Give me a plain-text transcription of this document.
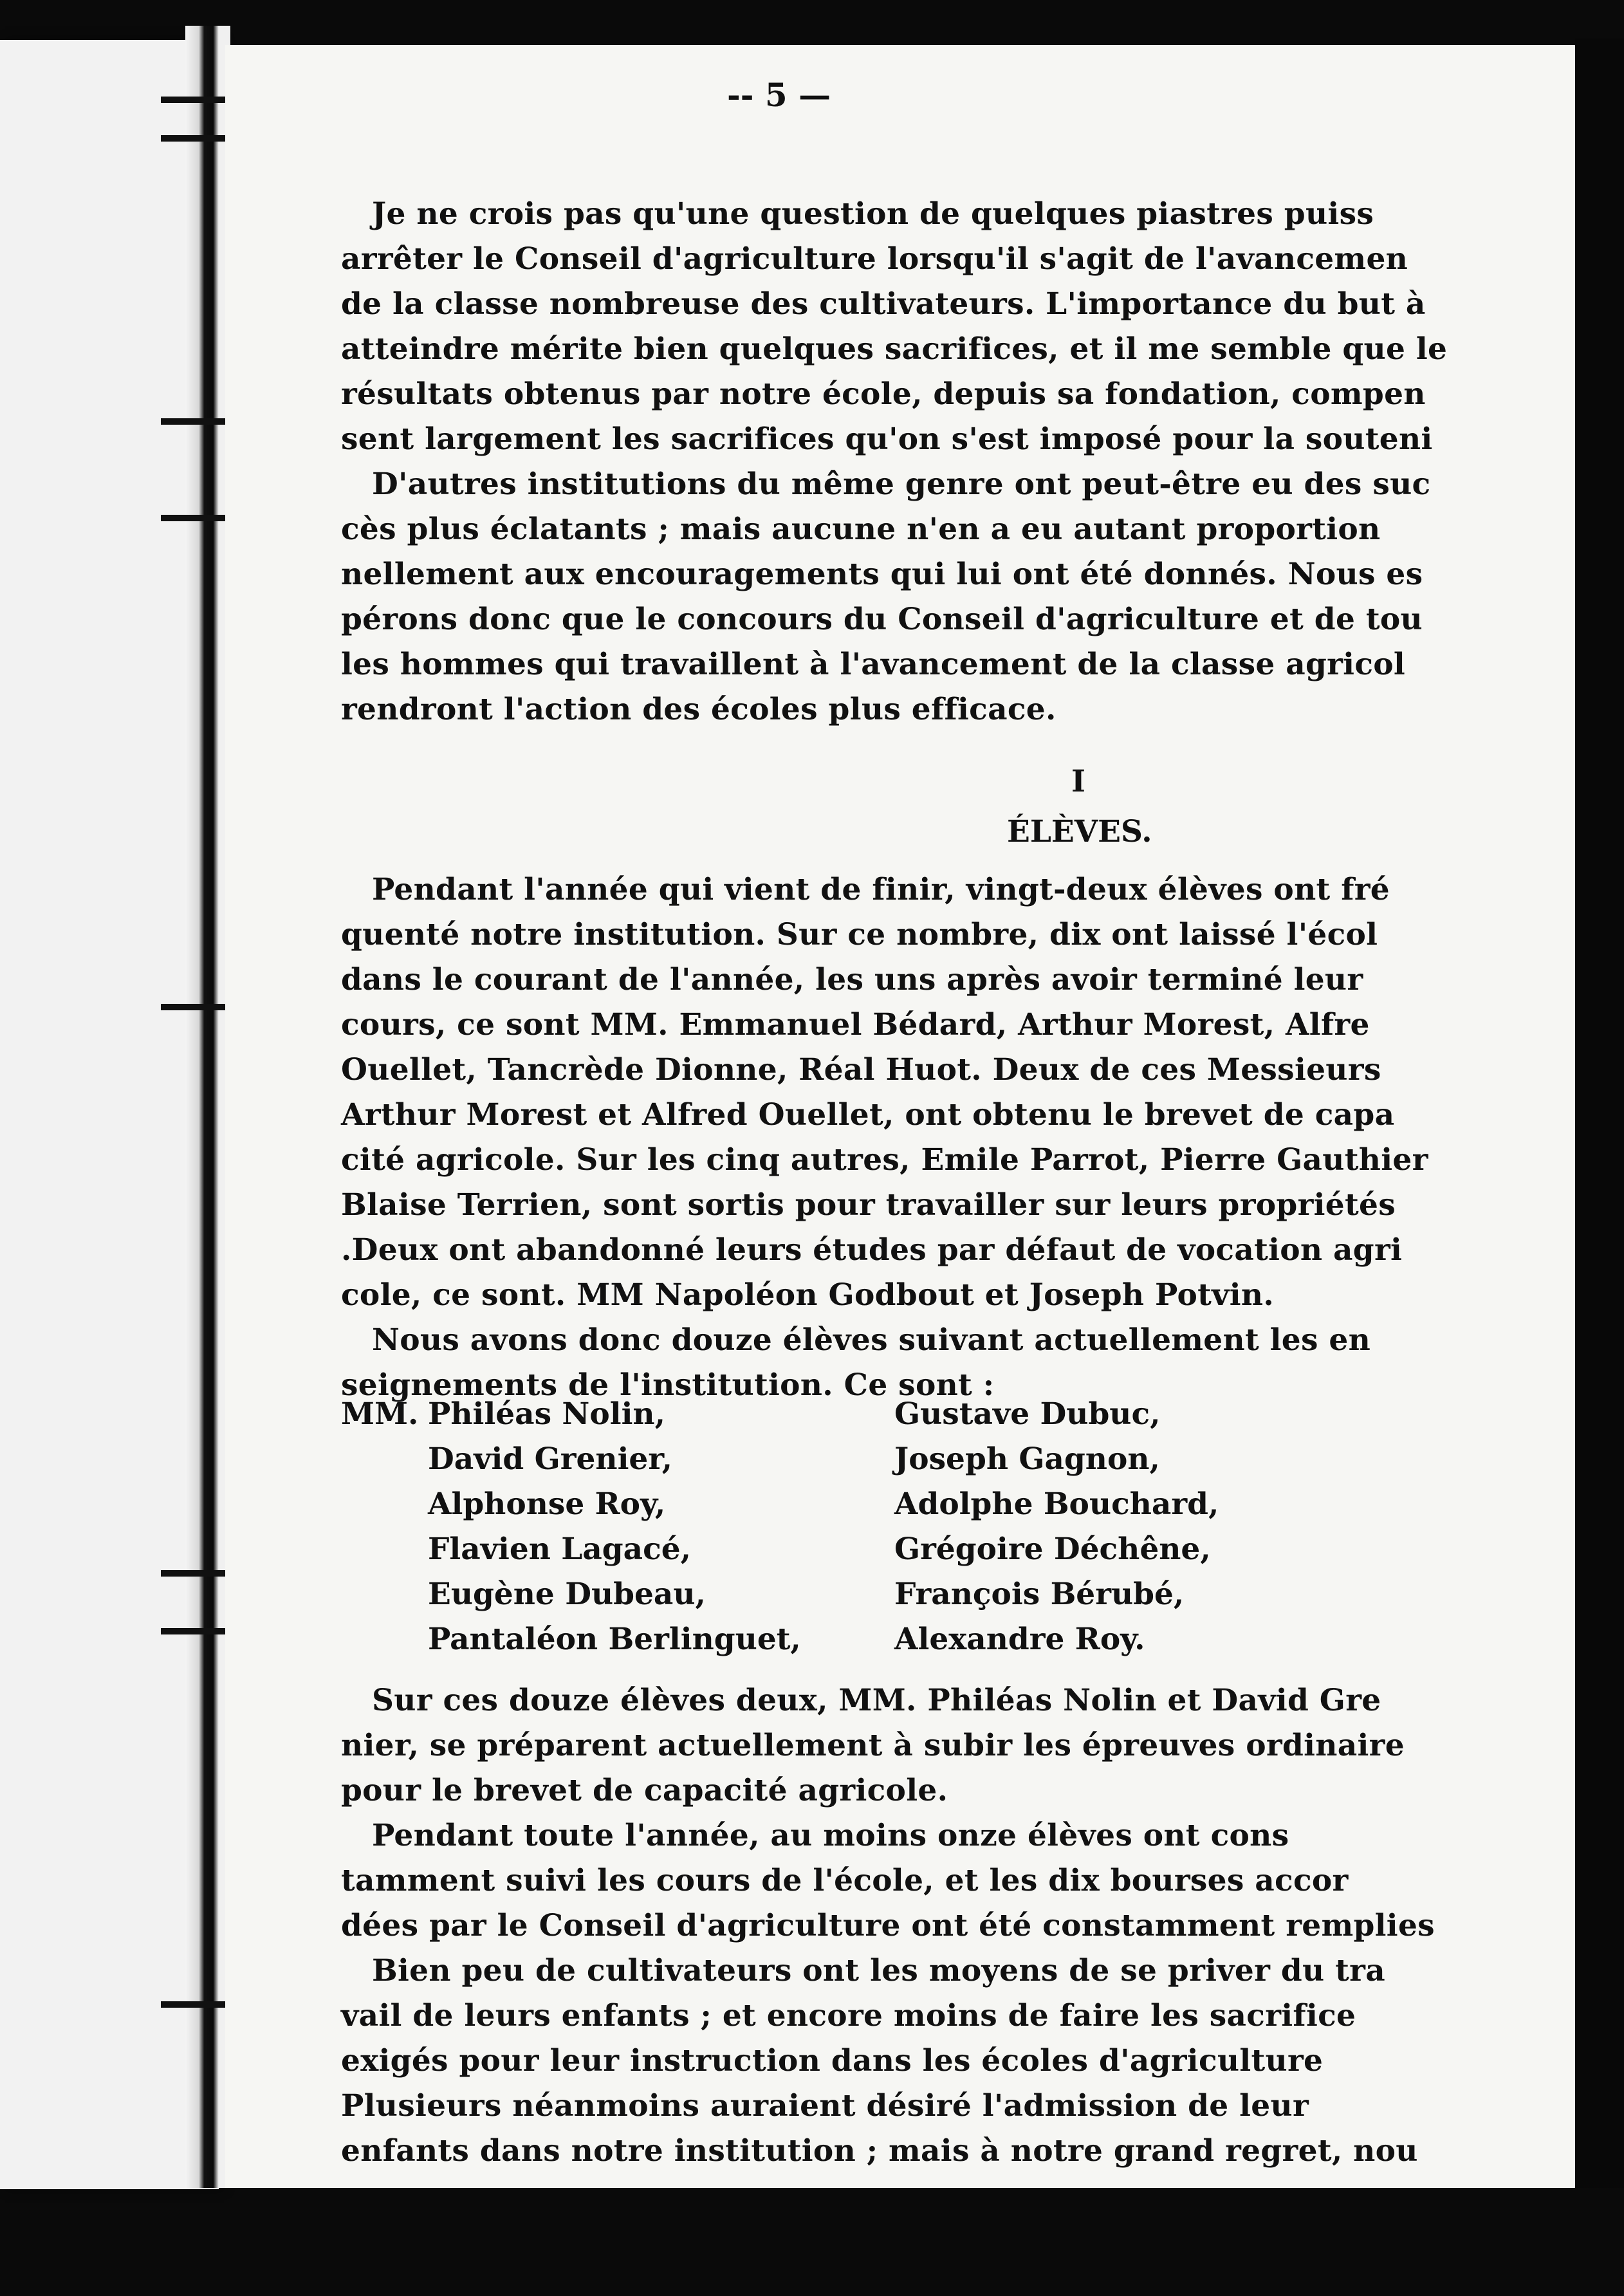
-- 5 —
Je ne crois pas qu'une question de quelques piastres puiss
arrêter le Conseil d'agriculture lorsqu'il s'agit de l'avancemen
de la classe nombreuse des cultivateurs. L'importance du but à
atteindre mérite bien quelques sacrifices, et il me semble que le
résultats obtenus par notre école, depuis sa fondation, compen
sent largement les sacrifices qu'on s'est imposé pour la souteni
D'autres institutions du même genre ont peut-être eu des suc
cès plus éclatants ; mais aucune n'en a eu autant proportion
nellement aux encouragements qui lui ont été donnés. Nous es
pérons donc que le concours du Conseil d'agriculture et de tou
les hommes qui travaillent à l'avancement de la classe agricol
rendront l'action des écoles plus efficace.
I
ÉLÈVES.
Pendant l'année qui vient de finir, vingt-deux élèves ont fré
quenté notre institution. Sur ce nombre, dix ont laissé l'écol
dans le courant de l'année, les uns après avoir terminé leur
cours, ce sont MM. Emmanuel Bédard, Arthur Morest, Alfre
Ouellet, Tancrède Dionne, Réal Huot. Deux de ces Messieurs
Arthur Morest et Alfred Ouellet, ont obtenu le brevet de capa
cité agricole. Sur les cinq autres, Emile Parrot, Pierre Gauthier
Blaise Terrien, sont sortis pour travailler sur leurs propriétés
.Deux ont abandonné leurs études par défaut de vocation agri
cole, ce sont. MM Napoléon Godbout et Joseph Potvin.
Nous avons donc douze élèves suivant actuellement les en
seignements de l'institution. Ce sont :
MM. Philéas Nolin,	Gustave Dubuc,
David Grenier,	Joseph Gagnon,
Alphonse Roy,	Adolphe Bouchard,
Flavien Lagacé,	Grégoire Déchêne,
Eugène Dubeau,	François Bérubé,
Pantaléon Berlinguet,	Alexandre Roy.
Sur ces douze élèves deux, MM. Philéas Nolin et David Gre
nier, se préparent actuellement à subir les épreuves ordinaire
pour le brevet de capacité agricole.
Pendant toute l'année, au moins onze élèves ont cons
tamment suivi les cours de l'école, et les dix bourses accor
dées par le Conseil d'agriculture ont été constamment remplies
Bien peu de cultivateurs ont les moyens de se priver du tra
vail de leurs enfants ; et encore moins de faire les sacrifice
exigés pour leur instruction dans les écoles d'agriculture
Plusieurs néanmoins auraient désiré l'admission de leur
enfants dans notre institution ; mais à notre grand regret, nou
